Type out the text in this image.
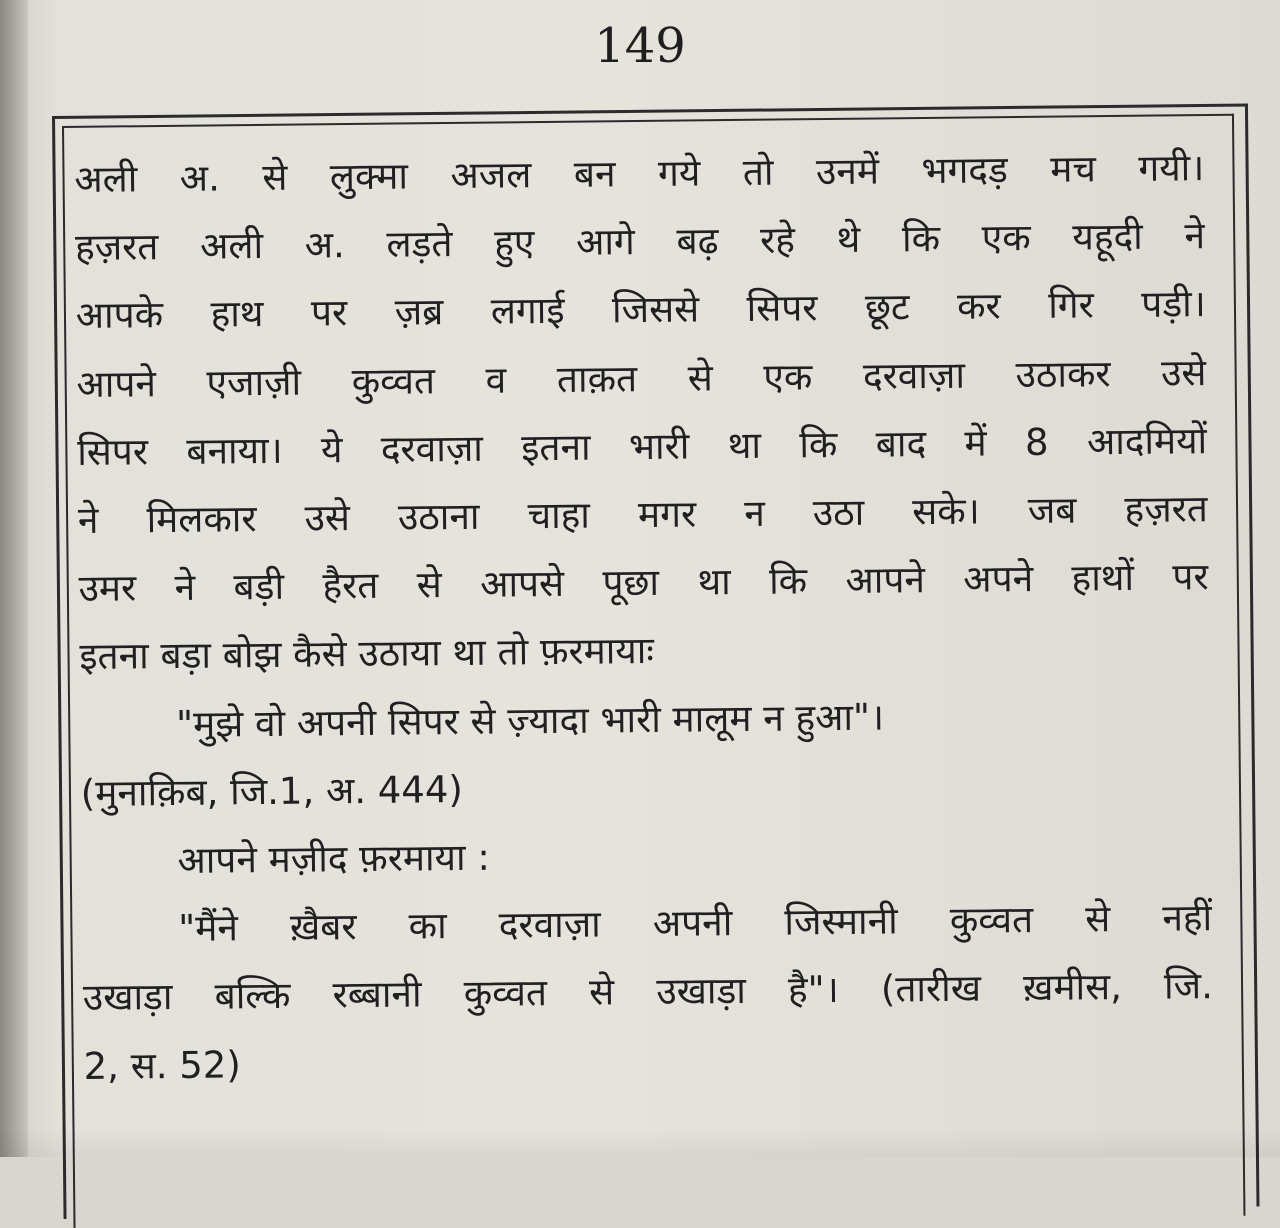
149
अली अ. से लुक्मा अजल बन गये तो उनमें भगदड़ मच गयी।
हज़रत अली अ. लड़ते हुए आगे बढ़ रहे थे कि एक यहूदी ने
आपके हाथ पर ज़ब्र लगाई जिससे सिपर छूट कर गिर पड़ी।
आपने एजाज़ी कुव्वत व ताक़त से एक दरवाज़ा उठाकर उसे
सिपर बनाया। ये दरवाज़ा इतना भारी था कि बाद में 8 आदमियों
ने मिलकार उसे उठाना चाहा मगर न उठा सके। जब हज़रत
उमर ने बड़ी हैरत से आपसे पूछा था कि आपने अपने हाथों पर
इतना बड़ा बोझ कैसे उठाया था तो फ़रमायाः
"मुझे वो अपनी सिपर से ज़्यादा भारी मालूम न हुआ"।
(मुनाक़िब, जि.1, अ. 444)
आपने मज़ीद फ़रमाया :
"मैंने ख़ैबर का दरवाज़ा अपनी जिस्मानी कुव्वत से नहीं
उखाड़ा बल्कि रब्बानी कुव्वत से उखाड़ा है"। (तारीख ख़मीस, जि.
2, स. 52)
